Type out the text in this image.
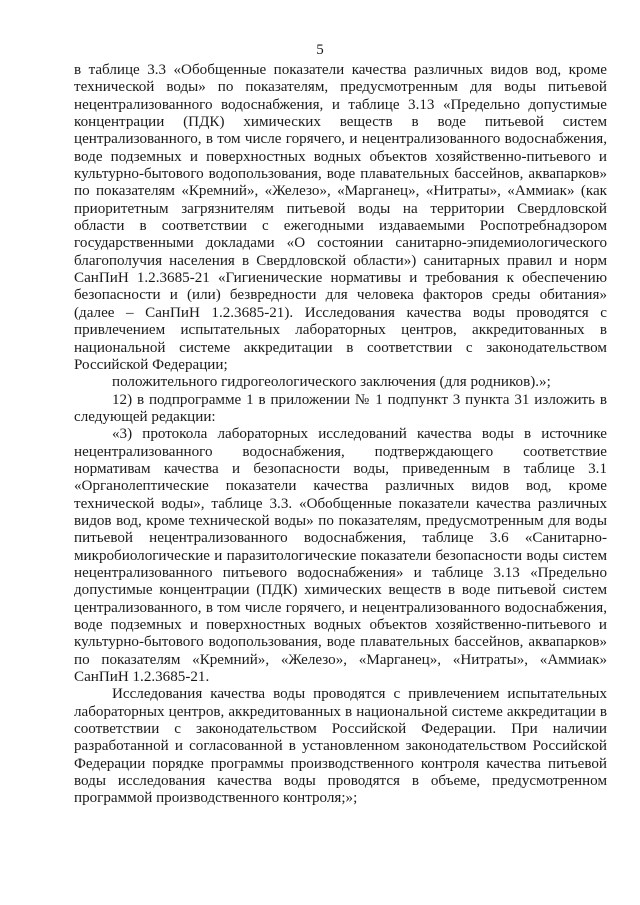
5

в таблице 3.3 «Обобщенные показатели качества различных видов вод, кроме технической воды» по показателям, предусмотренным для воды питьевой нецентрализованного водоснабжения, и таблице 3.13 «Предельно допустимые концентрации (ПДК) химических веществ в воде питьевой систем централизованного, в том числе горячего, и нецентрализованного водоснабжения, воде подземных и поверхностных водных объектов хозяйственно-питьевого и культурно-бытового водопользования, воде плавательных бассейнов, аквапарков» по показателям «Кремний», «Железо», «Марганец», «Нитраты», «Аммиак» (как приоритетным загрязнителям питьевой воды на территории Свердловской области в соответствии с ежегодными издаваемыми Роспотребнадзором государственными докладами «О состоянии санитарно-эпидемиологического благополучия населения в Свердловской области») санитарных правил и норм СанПиН 1.2.3685-21 «Гигиенические нормативы и требования к обеспечению безопасности и (или) безвредности для человека факторов среды обитания» (далее – СанПиН 1.2.3685-21). Исследования качества воды проводятся с привлечением испытательных лабораторных центров, аккредитованных в национальной системе аккредитации в соответствии с законодательством Российской Федерации;

положительного гидрогеологического заключения (для родников).»;

12) в подпрограмме 1 в приложении № 1 подпункт 3 пункта 31 изложить в следующей редакции:

«3) протокола лабораторных исследований качества воды в источнике нецентрализованного водоснабжения, подтверждающего соответствие нормативам качества и безопасности воды, приведенным в таблице 3.1 «Органолептические показатели качества различных видов вод, кроме технической воды», таблице 3.3. «Обобщенные показатели качества различных видов вод, кроме технической воды» по показателям, предусмотренным для воды питьевой нецентрализованного водоснабжения, таблице 3.6 «Санитарно-микробиологические и паразитологические показатели безопасности воды систем нецентрализованного питьевого водоснабжения» и таблице 3.13 «Предельно допустимые концентрации (ПДК) химических веществ в воде питьевой систем централизованного, в том числе горячего, и нецентрализованного водоснабжения, воде подземных и поверхностных водных объектов хозяйственно-питьевого и культурно-бытового водопользования, воде плавательных бассейнов, аквапарков» по показателям «Кремний», «Железо», «Марганец», «Нитраты», «Аммиак» СанПиН 1.2.3685-21.

Исследования качества воды проводятся с привлечением испытательных лабораторных центров, аккредитованных в национальной системе аккредитации в соответствии с законодательством Российской Федерации. При наличии разработанной и согласованной в установленном законодательством Российской Федерации порядке программы производственного контроля качества питьевой воды исследования качества воды проводятся в объеме, предусмотренном программой производственного контроля;»;
